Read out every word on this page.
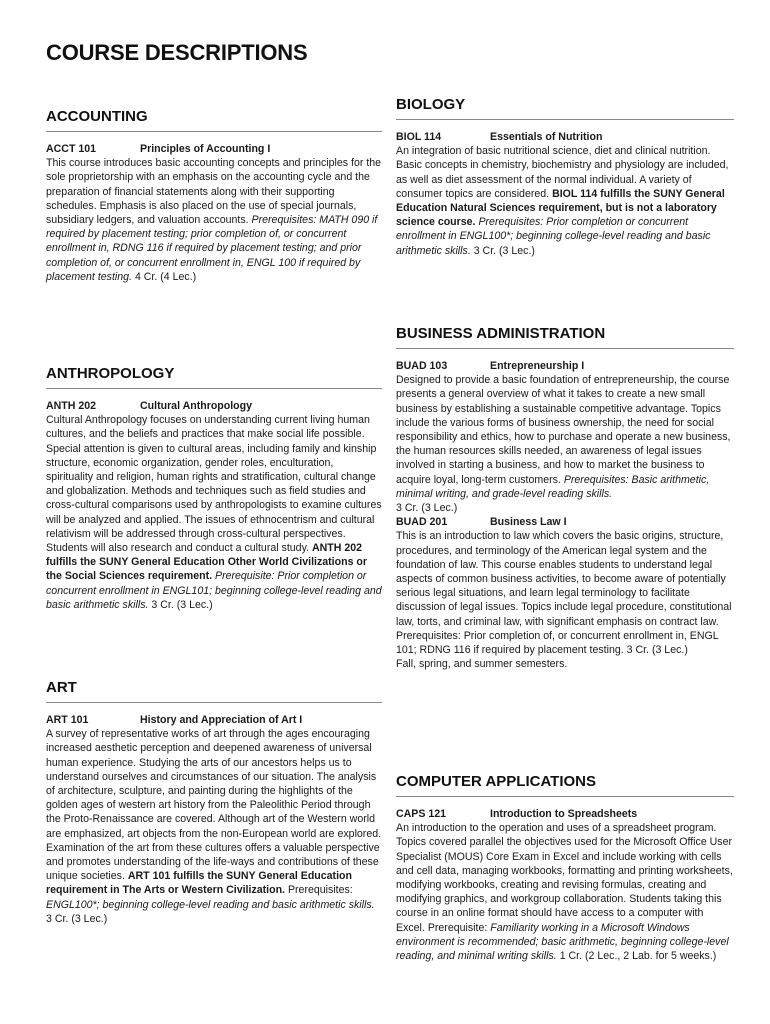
COURSE DESCRIPTIONS
ACCOUNTING
ACCT 101	Principles of Accounting I
This course introduces basic accounting concepts and principles for the sole proprietorship with an emphasis on the accounting cycle and the preparation of financial statements along with their supporting schedules. Emphasis is also placed on the use of special journals, subsidiary ledgers, and valuation accounts. Prerequisites: MATH 090 if required by placement testing; prior completion of, or concurrent enrollment in, RDNG 116 if required by placement testing; and prior completion of, or concurrent enrollment in, ENGL 100 if required by placement testing. 4 Cr. (4 Lec.)
ANTHROPOLOGY
ANTH 202	Cultural Anthropology
Cultural Anthropology focuses on understanding current living human cultures, and the beliefs and practices that make social life possible. Special attention is given to cultural areas, including family and kinship structure, economic organization, gender roles, enculturation, spirituality and religion, human rights and stratification, cultural change and globalization. Methods and techniques such as field studies and cross-cultural comparisons used by anthropologists to examine cultures will be analyzed and applied. The issues of ethnocentrism and cultural relativism will be addressed through cross-cultural perspectives. Students will also research and conduct a cultural study. ANTH 202 fulfills the SUNY General Education Other World Civilizations or the Social Sciences requirement. Prerequisite: Prior completion or concurrent enrollment in ENGL101; beginning college-level reading and basic arithmetic skills. 3 Cr. (3 Lec.)
ART
ART 101	History and Appreciation of Art I
A survey of representative works of art through the ages encouraging increased aesthetic perception and deepened awareness of universal human experience. Studying the arts of our ancestors helps us to understand ourselves and circumstances of our situation. The analysis of architecture, sculpture, and painting during the highlights of the golden ages of western art history from the Paleolithic Period through the Proto-Renaissance are covered. Although art of the Western world are emphasized, art objects from the non-European world are explored. Examination of the art from these cultures offers a valuable perspective and promotes understanding of the life-ways and contributions of these unique societies. ART 101 fulfills the SUNY General Education requirement in The Arts or Western Civilization. Prerequisites: ENGL100*; beginning college-level reading and basic arithmetic skills.
3 Cr. (3 Lec.)
BIOLOGY
BIOL 114	Essentials of Nutrition
An integration of basic nutritional science, diet and clinical nutrition. Basic concepts in chemistry, biochemistry and physiology are included, as well as diet assessment of the normal individual. A variety of consumer topics are considered. BIOL 114 fulfills the SUNY General Education Natural Sciences requirement, but is not a laboratory science course. Prerequisites: Prior completion or concurrent enrollment in ENGL100*; beginning college-level reading and basic arithmetic skills. 3 Cr. (3 Lec.)
BUSINESS ADMINISTRATION
BUAD 103	Entrepreneurship I
Designed to provide a basic foundation of entrepreneurship, the course presents a general overview of what it takes to create a new small business by establishing a sustainable competitive advantage. Topics include the various forms of business ownership, the need for social responsibility and ethics, how to purchase and operate a new business, the human resources skills needed, an awareness of legal issues involved in starting a business, and how to market the business to acquire loyal, long-term customers. Prerequisites: Basic arithmetic, minimal writing, and grade-level reading skills.
3 Cr. (3 Lec.)
BUAD 201	Business Law I
This is an introduction to law which covers the basic origins, structure, procedures, and terminology of the American legal system and the foundation of law. This course enables students to understand legal aspects of common business activities, to become aware of potentially serious legal situations, and learn legal terminology to facilitate discussion of legal issues. Topics include legal procedure, constitutional law, torts, and criminal law, with significant emphasis on contract law. Prerequisites: Prior completion of, or concurrent enrollment in, ENGL 101; RDNG 116 if required by placement testing. 3 Cr. (3 Lec.)
Fall, spring, and summer semesters.
COMPUTER APPLICATIONS
CAPS 121	Introduction to Spreadsheets
An introduction to the operation and uses of a spreadsheet program. Topics covered parallel the objectives used for the Microsoft Office User Specialist (MOUS) Core Exam in Excel and include working with cells and cell data, managing workbooks, formatting and printing worksheets, modifying workbooks, creating and revising formulas, creating and modifying graphics, and workgroup collaboration. Students taking this course in an online format should have access to a computer with Excel. Prerequisite: Familiarity working in a Microsoft Windows environment is recommended; basic arithmetic, beginning college-level reading, and minimal writing skills. 1 Cr. (2 Lec., 2 Lab. for 5 weeks.)
